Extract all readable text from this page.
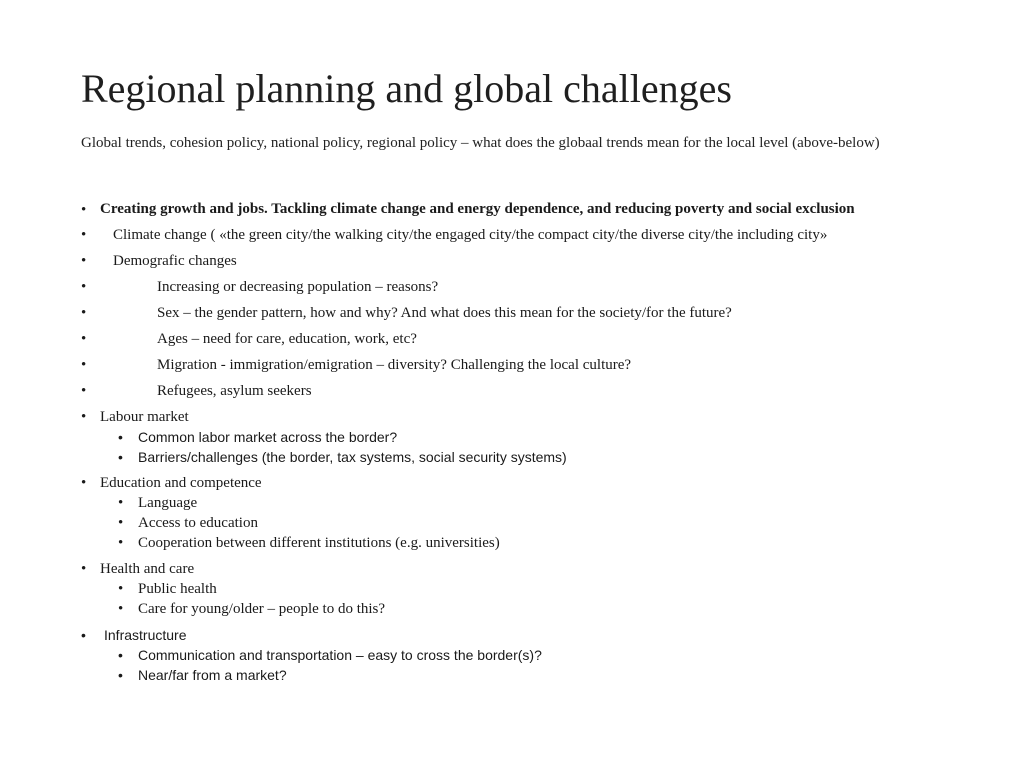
Regional planning and global challenges
Global trends, cohesion policy, national policy, regional policy – what does the globaal trends mean for the local level (above-below)
• Creating growth and jobs. Tackling climate change and energy dependence, and reducing poverty and social exclusion
• Climate change ( «the green city/the walking city/the engaged city/the compact city/the diverse city/the including city»
• Demografic changes
•	Increasing or decreasing population – reasons?
•	Sex – the gender pattern, how and why? And what does this mean for the society/for the future?
•	Ages – need for care, education, work, etc?
•	Migration - immigration/emigration – diversity? Challenging the local culture?
•	Refugees, asylum seekers
• Labour market
• Common labor market across the border?
• Barriers/challenges (the border, tax systems, social security systems)
• Education and competence
• Language
• Access to education
• Cooperation between different institutions (e.g. universities)
• Health and care
• Public health
• Care for young/older – people to do this?
• Infrastructure
• Communication and transportation – easy to cross the border(s)?
• Near/far from a market?
